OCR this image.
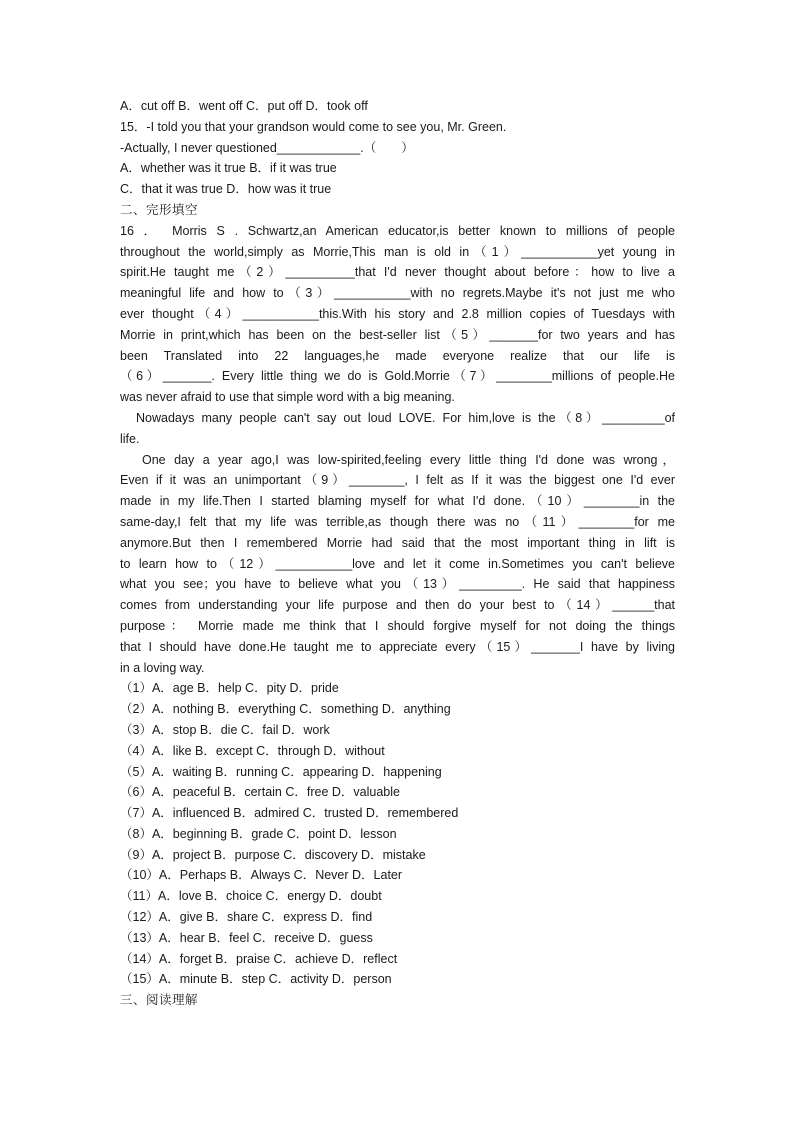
A．cut off B．went off C．put off D．took off
15．-I told you that your grandson would come to see you, Mr. Green.
-Actually, I never questioned____________.（　　）
A．whether was it true B．if it was true
C．that it was true D．how was it true
二、完形填空
16 ． Morris S . Schwartz,an American educator,is better known to millions of people
throughout the world,simply as Morrie,This man is old in（1）___________yet young in
spirit.He taught me（2）__________that I'd never thought about before：how to live a
meaningful life and how to（3）___________with no regrets.Maybe it's not just me who
ever thought（4）___________this.With his story and 2.8 million copies of Tuesdays with
Morrie in print,which has been on the best-seller list（5）_______for two years and has
been Translated into 22 languages,he made everyone realize that our life is
（6）_______. Every little thing we do is Gold.Morrie（7）________millions of people.He
was never afraid to use that simple word with a big meaning.
Nowadays many people can't say out loud LOVE. For him,love is the（8）_________of
life.
One day a year ago,I was low-spirited,feeling every little thing I'd done was wrong，
Even if it was an unimportant（9）________, I felt as If it was the biggest one I'd ever
made in my life.Then I started blaming myself for what I'd done.（10）________in the
same-day,I felt that my life was terrible,as though there was no（11）________for me
anymore.But then I remembered Morrie had said that the most important thing in lift is
to learn how to（12）___________love and let it come in.Sometimes you can't believe
what you see；you have to believe what you（13）_________. He said that happiness
comes from understanding your life purpose and then do your best to（14）______that
purpose： Morrie made me think that I should forgive myself for not doing the things
that I should have done.He taught me to appreciate every（15）_______I have by living
in a loving way.
（1）A．age B．help C．pity D．pride
（2）A．nothing B．everything C．something D．anything
（3）A．stop B．die C．fail D．work
（4）A．like B．except C．through D．without
（5）A．waiting B．running C．appearing D．happening
（6）A．peaceful B．certain C．free D．valuable
（7）A．influenced B．admired C．trusted D．remembered
（8）A．beginning B．grade C．point D．lesson
（9）A．project B．purpose C．discovery D．mistake
（10）A．Perhaps B．Always C．Never D．Later
（11）A．love B．choice C．energy D．doubt
（12）A．give B．share C．express D．find
（13）A．hear B．feel C．receive D．guess
（14）A．forget B．praise C．achieve D．reflect
（15）A．minute B．step C．activity D．person
三、阅读理解
